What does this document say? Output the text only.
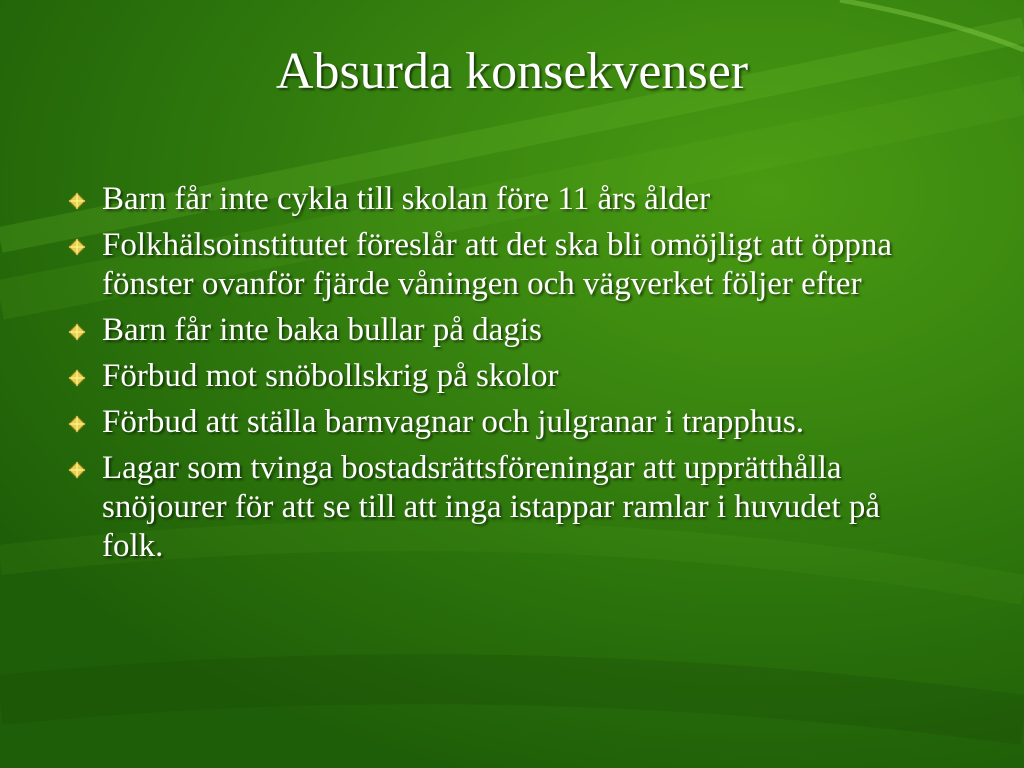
Absurda konsekvenser
Barn får inte cykla till skolan före 11 års ålder
Folkhälsoinstitutet föreslår att det ska bli omöjligt att öppna fönster ovanför fjärde våningen och vägverket följer efter
Barn får inte baka bullar på dagis
Förbud mot snöbollskrig på skolor
Förbud att ställa barnvagnar och julgranar i trapphus.
Lagar som tvinga bostadsrättsföreningar att upprätthålla snöjourer för att se till att inga istappar ramlar i huvudet på folk.
